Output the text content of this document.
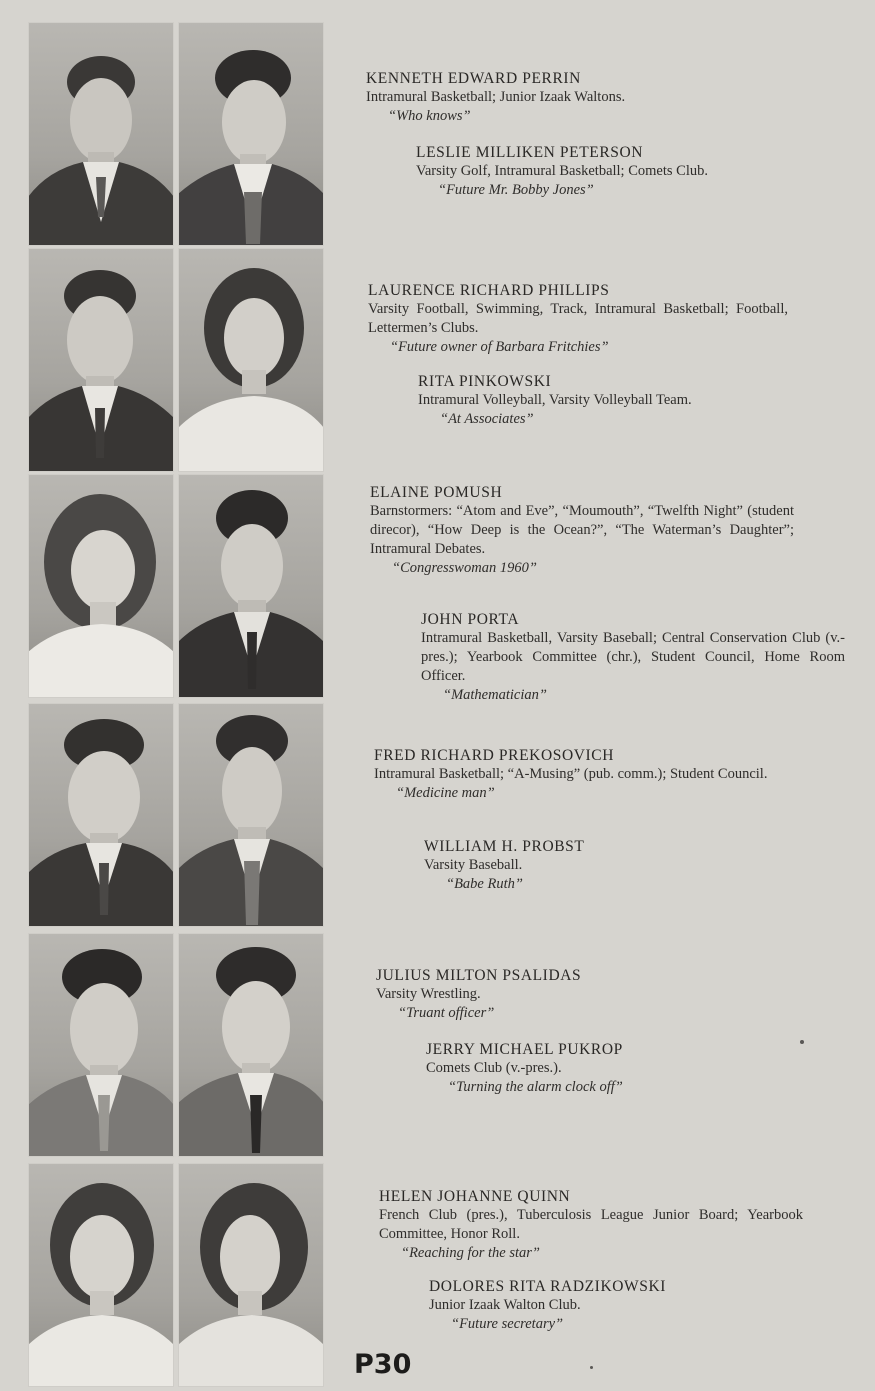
KENNETH EDWARD PERRIN
Intramural Basketball; Junior Izaak Waltons.
“Who knows”
LESLIE MILLIKEN PETERSON
Varsity Golf, Intramural Basketball; Comets Club.
“Future Mr. Bobby Jones”
LAURENCE RICHARD PHILLIPS
Varsity Football, Swimming, Track, Intramural Basketball; Football, Lettermen’s Clubs.
“Future owner of Barbara Fritchies”
RITA PINKOWSKI
Intramural Volleyball, Varsity Volleyball Team.
“At Associates”
ELAINE POMUSH
Barnstormers: “Atom and Eve”, “Moumouth”, “Twelfth Night” (student direcor), “How Deep is the Ocean?”, “The Waterman’s Daughter”; Intramural Debates.
“Congresswoman 1960”
JOHN PORTA
Intramural Basketball, Varsity Baseball; Central Conservation Club (v.-pres.); Yearbook Committee (chr.), Student Council, Home Room Officer.
“Mathematician”
FRED RICHARD PREKOSOVICH
Intramural Basketball; “A-Musing” (pub. comm.); Student Council.
“Medicine man”
WILLIAM H. PROBST
Varsity Baseball.
“Babe Ruth”
JULIUS MILTON PSALIDAS
Varsity Wrestling.
“Truant officer”
JERRY MICHAEL PUKROP
Comets Club (v.-pres.).
“Turning the alarm clock off”
HELEN JOHANNE QUINN
French Club (pres.), Tuberculosis League Junior Board; Yearbook Committee, Honor Roll.
“Reaching for the star”
DOLORES RITA RADZIKOWSKI
Junior Izaak Walton Club.
“Future secretary”
P30
